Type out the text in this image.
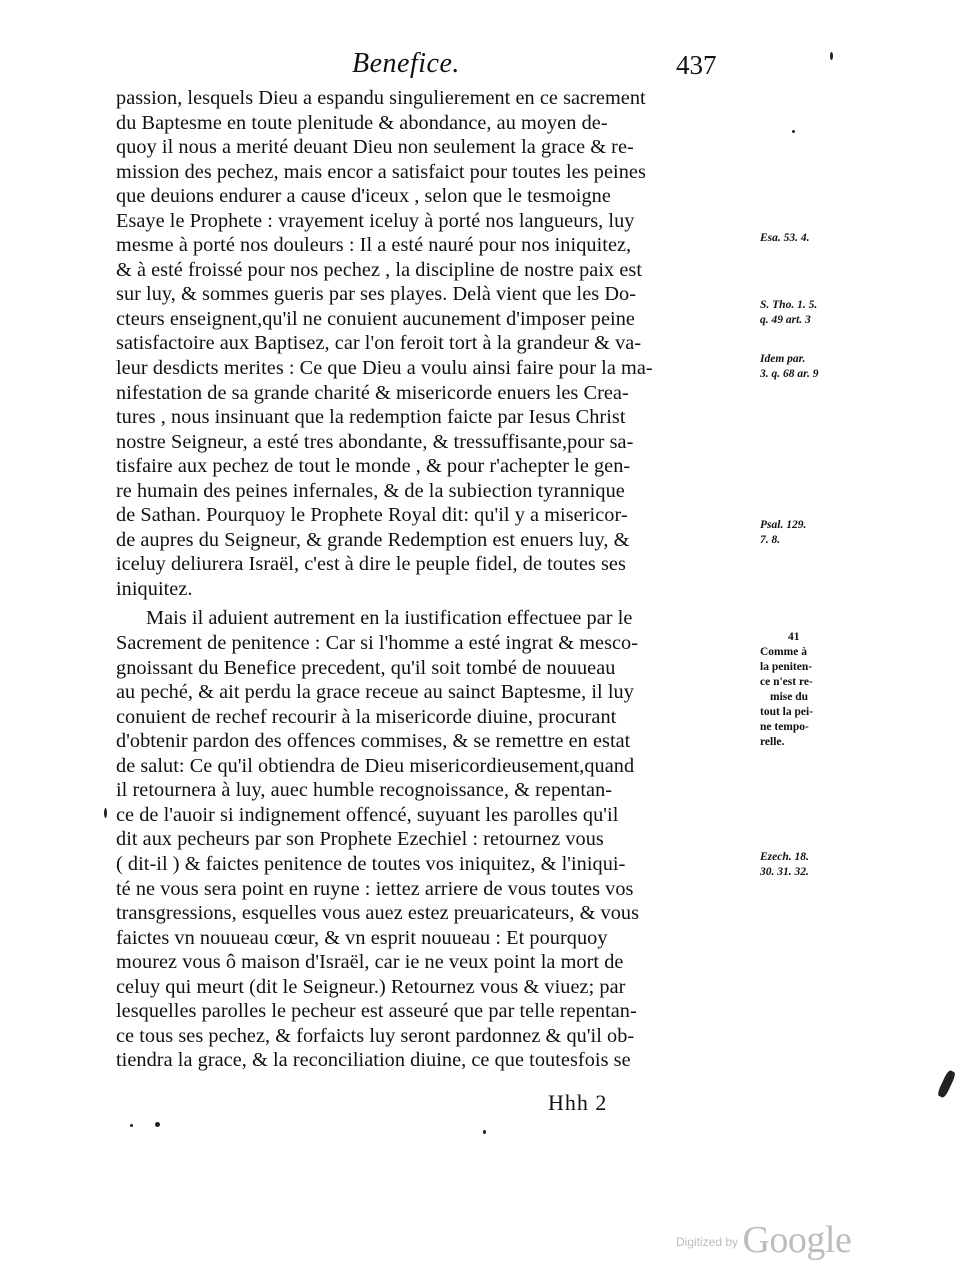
Benefice.	437
passion, lesquels Dieu a espandu singulierement en ce sacrement
du Baptesme en toute plenitude & abondance, au moyen de-
quoy il nous a merité deuant Dieu non seulement la grace & re-
mission des pechez, mais encor a satisfaict pour toutes les peines
que deuions endurer a cause d'iceux , selon que le tesmoigne
Esaye le Prophete : vrayement iceluy à porté nos langueurs, luy
mesme à porté nos douleurs : Il a esté nauré pour nos iniquitez,
& à esté froissé pour nos pechez , la discipline de nostre paix est
sur luy, & sommes gueris par ses playes. Delà vient que les Do-
cteurs enseignent,qu'il ne conuient aucunement d'imposer peine
satisfactoire aux Baptisez, car l'on feroit tort à la grandeur & va-
leur desdicts merites : Ce que Dieu a voulu ainsi faire pour la ma-
nifestation de sa grande charité & misericorde enuers les Crea-
tures , nous insinuant que la redemption faicte par Iesus Christ
nostre Seigneur, a esté tres abondante, & tressuffisante,pour sa-
tisfaire aux pechez de tout le monde , & pour r'achepter le gen-
re humain des peines infernales, & de la subiection tyrannique
de Sathan. Pourquoy le Prophete Royal dit: qu'il y a misericor-
de aupres du Seigneur, & grande Redemption est enuers luy, &
iceluy deliurera Israël, c'est à dire le peuple fidel, de toutes ses
iniquitez.
Mais il aduient autrement en la iustification effectuee par le
Sacrement de penitence : Car si l'homme a esté ingrat & mesco-
gnoissant du Benefice precedent, qu'il soit tombé de nouueau
au peché, & ait perdu la grace receue au sainct Baptesme, il luy
conuient de rechef recourir à la misericorde diuine, procurant
d'obtenir pardon des offences commises, & se remettre en estat
de salut: Ce qu'il obtiendra de Dieu misericordieusement,quand
il retournera à luy, auec humble recognoissance, & repentan-
ce de l'auoir si indignement offencé, suyuant les parolles qu'il
dit aux pecheurs par son Prophete Ezechiel : retournez vous
( dit-il ) & faictes penitence de toutes vos iniquitez, & l'iniqui-
té ne vous sera point en ruyne : iettez arriere de vous toutes vos
transgressions, esquelles vous auez estez preuaricateurs, & vous
faictes vn nouueau cœur, & vn esprit nouueau : Et pourquoy
mourez vous ô maison d'Israël, car ie ne veux point la mort de
celuy qui meurt (dit le Seigneur.) Retournez vous & viuez; par
lesquelles parolles le pecheur est asseuré que par telle repentan-
ce tous ses pechez, & forfaicts luy seront pardonnez & qu'il ob-
tiendra la grace, & la reconciliation diuine, ce que toutesfois se
Esa. 53. 4.
S. Tho. 1. 5.
q. 49 art. 3
Idem par.
3. q. 68 ar. 9
Psal. 129.
7. 8.
41
Comme à
la peniten-
ce n'est re-
mise du
tout la pei-
ne tempo-
relle.
Ezech. 18.
30. 31. 32.
Hhh 2
$^{Digitized by}$ Google
